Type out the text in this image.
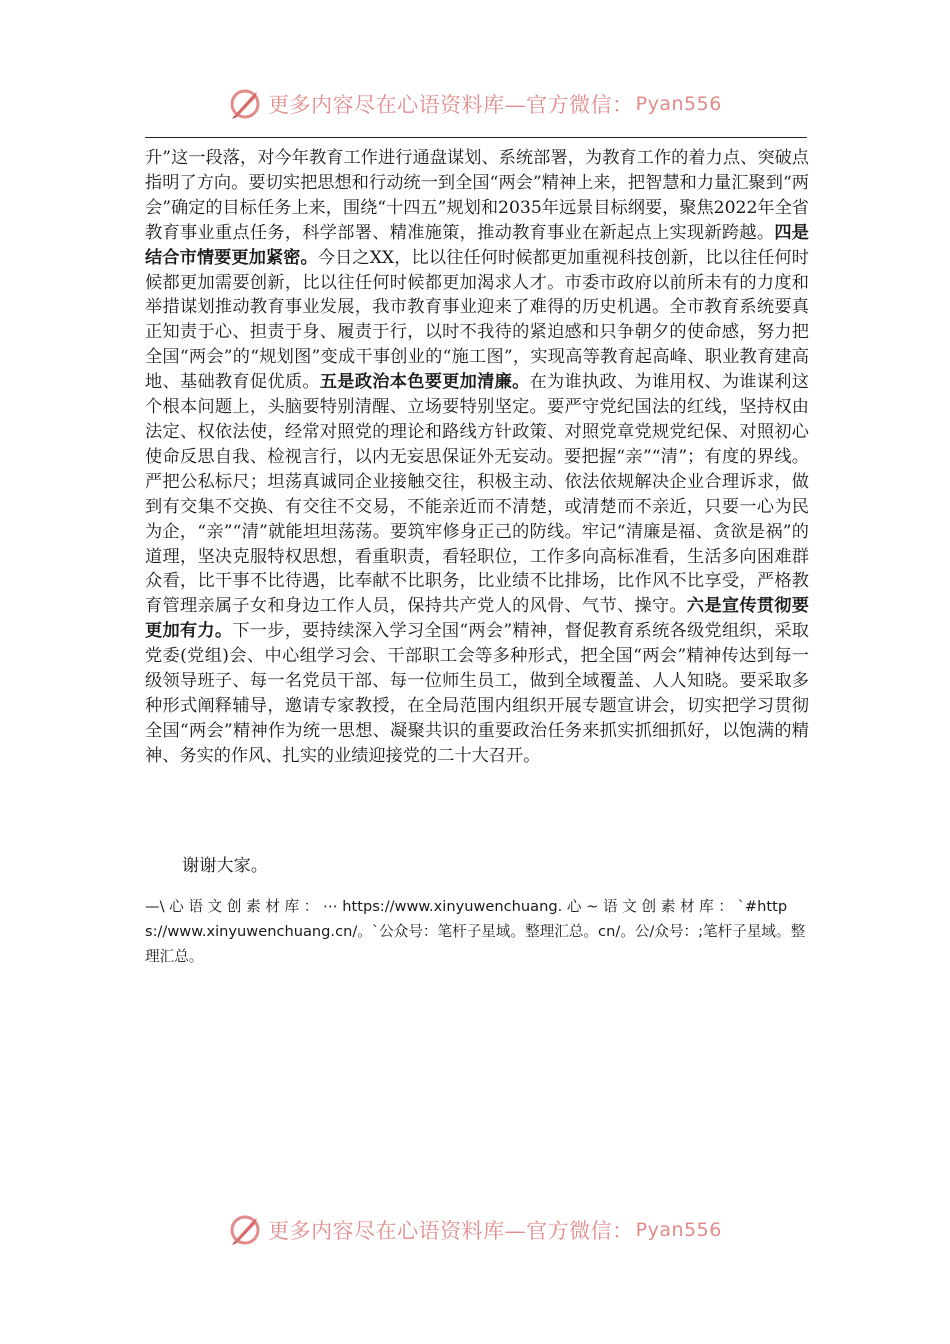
更多内容尽在心语资料库—官方微信： Pyan556

升”这一段落，对今年教育工作进行通盘谋划、系统部署，为教育工作的着力点、突破点指明了方向。要切实把思想和行动统一到全国“两会”精神上来，把智慧和力量汇聚到“两会”确定的目标任务上来，围绕“十四五”规划和2035年远景目标纲要，聚焦2022年全省教育事业重点任务，科学部署、精准施策，推动教育事业在新起点上实现新跨越。四是结合市情要更加紧密。今日之XX，比以往任何时候都更加重视科技创新，比以往任何时候都更加需要创新，比以往任何时候都更加渴求人才。市委市政府以前所未有的力度和举措谋划推动教育事业发展，我市教育事业迎来了难得的历史机遇。全市教育系统要真正知责于心、担责于身、履责于行，以时不我待的紧迫感和只争朝夕的使命感，努力把全国“两会”的“规划图”变成干事创业的“施工图”，实现高等教育起高峰、职业教育建高地、基础教育促优质。五是政治本色要更加清廉。在为谁执政、为谁用权、为谁谋利这个根本问题上，头脑要特别清醒、立场要特别坚定。要严守党纪国法的红线，坚持权由法定、权依法使，经常对照党的理论和路线方针政策、对照党章党规党纪保、对照初心使命反思自我、检视言行，以内无妄思保证外无妄动。要把握“亲”“清”；有度的界线。严把公私标尺；坦荡真诚同企业接触交往，积极主动、依法依规解决企业合理诉求，做到有交集不交换、有交往不交易，不能亲近而不清楚，或清楚而不亲近，只要一心为民为企，“亲”“清”就能坦坦荡荡。要筑牢修身正己的防线。牢记“清廉是福、贪欲是祸”的道理，坚决克服特权思想，看重职责，看轻职位，工作多向高标准看，生活多向困难群众看，比干事不比待遇，比奉献不比职务，比业绩不比排场，比作风不比享受，严格教育管理亲属子女和身边工作人员，保持共产党人的风骨、气节、操守。六是宣传贯彻要更加有力。下一步，要持续深入学习全国“两会”精神，督促教育系统各级党组织，采取党委(党组)会、中心组学习会、干部职工会等多种形式，把全国“两会”精神传达到每一级领导班子、每一名党员干部、每一位师生员工，做到全域覆盖、人人知晓。要采取多种形式阐释辅导，邀请专家教授，在全局范围内组织开展专题宣讲会，切实把学习贯彻全国“两会”精神作为统一思想、凝聚共识的重要政治任务来抓实抓细抓好，以饱满的精神、务实的作风、扎实的业绩迎接党的二十大召开。

谢谢大家。

—\ 心 语 文 创 素 材 库 ： ⋯ https://www.xinyuwenchuang. 心 ~ 语 文 创 素 材 库 ： `#https://www.xinyuwenchuang.cn/。`公众号：笔杆子星域。整理汇总。cn/。公/众号：;笔杆子星域。整理汇总。

更多内容尽在心语资料库—官方微信： Pyan556
